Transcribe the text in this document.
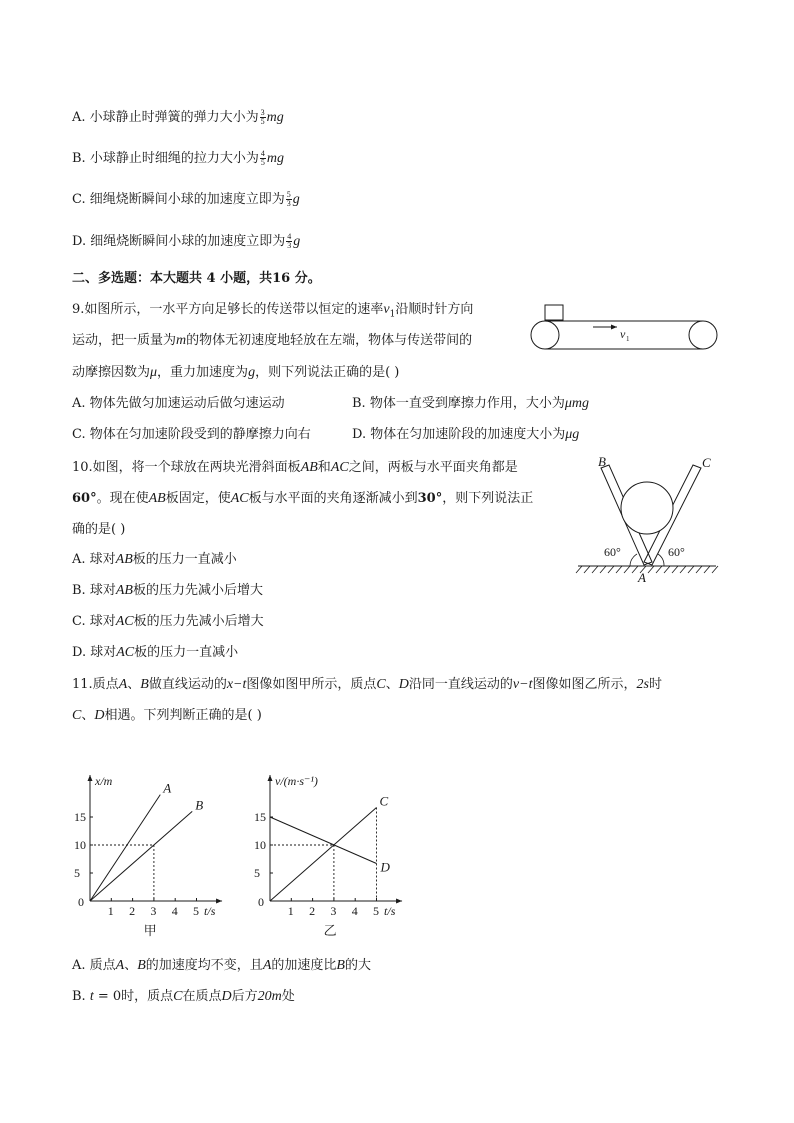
A. 小球静止时弹簧的弹力大小为 $\frac{3}{5}$ mg
B. 小球静止时细绳的拉力大小为 $\frac{4}{5}$ mg
C. 细绳烧断瞬间小球的加速度立即为 $\frac{5}{3}$ g
D. 细绳烧断瞬间小球的加速度立即为 $\frac{4}{3}$ g
二、多选题：本大题共 4 小题，共16 分。
9.如图所示，一水平方向足够长的传送带以恒定的速率$v_1$沿顺时针方向
运动，把一质量为m的物体无初速度地轻放在左端，物体与传送带间的
动摩擦因数为μ，重力加速度为g，则下列说法正确的是( )
A. 物体先做匀加速运动后做匀速运动	B. 物体一直受到摩擦力作用，大小为μmg
C. 物体在匀加速阶段受到的静摩擦力向右	D. 物体在匀加速阶段的加速度大小为μg
v 1
10.如图，将一个球放在两块光滑斜面板AB和AC之间，两板与水平面夹角都是
60°。现在使AB板固定，使AC板与水平面的夹角逐渐减小到30°，则下列说法正
确的是( )
A. 球对AB板的压力一直减小
B. 球对AB板的压力先减小后增大
C. 球对AC板的压力先减小后增大
D. 球对AC板的压力一直减小
B	C
A
60°	60°
11.质点A、B做直线运动的x−t图像如图甲所示，质点C、D沿同一直线运动的v−t图像如图乙所示，2s时
C、D相遇。下列判断正确的是( )
1 2 3 4 5
5
10
15
0
x/m
t/s
A
B
甲
1 2 3 4 5
5
10
15
0
v/(m·s⁻¹)
t/s
C
D
乙
A. 质点A、B的加速度均不变，且A的加速度比B的大
B. t = 0时，质点C在质点D后方20m处
